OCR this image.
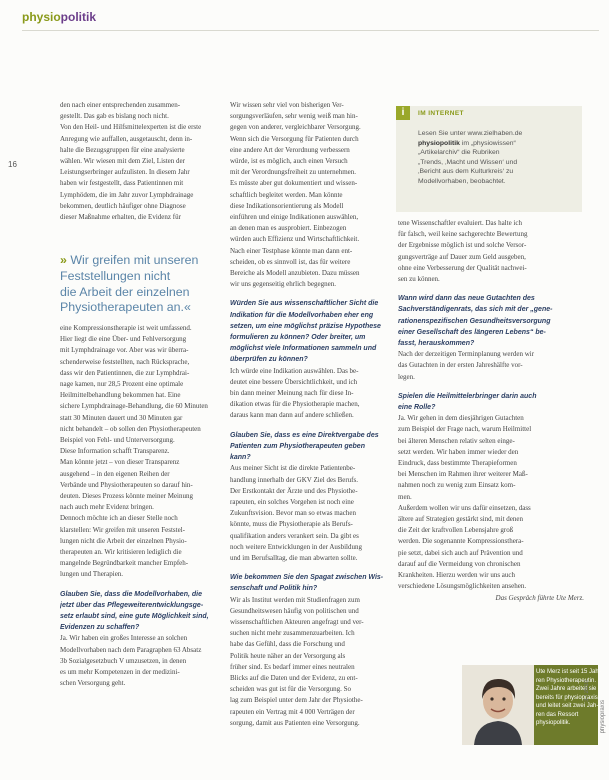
physiopolitik
16

den nach einer entsprechenden zusammen-

gestellt. Das gab es bislang noch nicht.

Von den Heil- und Hilfsmittelexperten ist die erste

Anregung wie auffallen, ausgetauscht, denn in-

halte die Bezugsgruppen für eine analysierte

wählen. Wir wiesen mit dem Ziel, Listen der

Leistungserbringer aufzulisten. In diesem Jahr

haben wir festgestellt, dass Patientinnen mit

Lymphödem, die im Jahr zuvor Lymphdrainage

bekommen, deutlich häufiger ohne Diagnose

dieser Maßnahme erhalten, die Evidenz für

» Wir greifen mit unseren
Feststellungen nicht
die Arbeit der einzelnen
Physiotherapeuten an.«

eine Kompressionstherapie ist weit umfassend.

Hier liegt die eine Über- und Fehlversorgung

mit Lymphdrainage vor. Aber was wir überra-

schenderweise feststellten, nach Rücksprache,

dass wir den Patientinnen, die zur Lymphdrai-

nage kamen, nur 28,5 Prozent eine optimale

Heilmittelbehandlung bekommen hat. Eine

sichere Lymphdrainage-Behandlung, die 60 Minuten

statt 30 Minuten dauert und 30 Minuten gar

nicht behandelt – ob sollen den Physiotherapeuten

Beispiel von Fehl- und Unterversorgung.

Diese Information schafft Transparenz.

Man könnte jetzt – von dieser Transparenz

ausgehend – in den eigenen Reihen der

Verbände und Physiotherapeuten so darauf hin-

deuten. Dieses Prozess könnte meiner Meinung

nach auch mehr Evidenz bringen.

Dennoch möchte ich an dieser Stelle noch

klarstellen: Wir greifen mit unseren Feststel-

lungen nicht die Arbeit der einzelnen Physio-

therapeuten an. Wir kritisieren lediglich die

mangelnde Begründbarkeit mancher Empfeh-

lungen und Therapien.

Glauben Sie, dass die Modellvorhaben, die

jetzt über das Pflegeweiterentwicklungsge-

setz erlaubt sind, eine gute Möglichkeit sind,

Evidenzen zu schaffen?

Ja. Wir haben ein großes Interesse an solchen

Modellvorhaben nach dem Paragraphen 63 Absatz

3b Sozialgesetzbuch V umzusetzen, in denen

es um mehr Kompetenzen in der medizini-

schen Versorgung geht.

Wir wissen sehr viel von bisherigen Ver-

sorgungsverläufen, sehr wenig weiß man hin-

gegen von anderer, vergleichbarer Versorgung.

Wenn sich die Versorgung für Patienten durch

eine andere Art der Verordnung verbessern

würde, ist es möglich, auch einen Versuch

mit der Verordnungsfreiheit zu unternehmen.

Es müsste aber gut dokumentiert und wissen-

schaftlich begleitet werden. Man könnte

diese Indikationsorientierung als Modell

einführen und einige Indikationen auswählen,

an denen man es ausprobiert. Einbezogen

würden auch Effizienz und Wirtschaftlichkeit.

Nach einer Testphase könnte man dann ent-

scheiden, ob es sinnvoll ist, das für weitere

Bereiche als Modell anzubieten. Dazu müssen

wir uns gegenseitig ehrlich begegnen.

Würden Sie aus wissenschaftlicher Sicht die

Indikation für die Modellvorhaben eher eng

setzen, um eine möglichst präzise Hypothese

formulieren zu können? Oder breiter, um

möglichst viele Informationen sammeln und

überprüfen zu können?

Ich würde eine Indikation auswählen. Das be-

deutet eine bessere Übersichtlichkeit, und ich

bin dann meiner Meinung nach für diese In-

dikation etwas für die Physiotherapie machen,

daraus kann man dann auf andere schließen.

Glauben Sie, dass es eine Direktvergabe des

Patienten zum Physiotherapeuten geben

kann?

Aus meiner Sicht ist die direkte Patientenbe-

handlung innerhalb der GKV Ziel des Berufs.

Der Erstkontakt der Ärzte und des Physiothe-

rapeuten, ein solches Vorgehen ist noch eine

Zukunftsvision. Bevor man so etwas machen

könnte, muss die Physiotherapie als Berufs-

qualifikation anders verankert sein. Da gibt es

noch weitere Entwicklungen in der Ausbildung

und im Berufsalltag, die man abwarten sollte.

Wie bekommen Sie den Spagat zwischen Wis-

senschaft und Politik hin?

Wir als Institut werden mit Studienfragen zum

Gesundheitswesen häufig von politischen und

wissenschaftlichen Akteuren angefragt und ver-

suchen nicht mehr zusammenzuarbeiten. Ich

habe das Gefühl, dass die Forschung und

Politik heute näher an der Versorgung als

früher sind. Es bedarf immer eines neutralen

Blicks auf die Daten und der Evidenz, zu ent-

scheiden was gut ist für die Versorgung. So

lag zum Beispiel unter dem Jahr der Physiothe-

rapeuten ein Vertrag mit 4 000 Verträgen der

sorgung, damit aus Patienten eine Versorgung.

i	IM INTERNET

Lesen Sie unter www.zielhaben.de

physiopolitik im „physiowissen“

„Artikelarchiv“ die Rubriken

„Trends, ‚Macht und Wissen‘ und

‚Bericht aus dem Kulturkreis‘ zu

Modellvorhaben, beobachtet.

tene Wissenschaftler evaluiert. Das halte ich

für falsch, weil keine sachgerechte Bewertung

der Ergebnisse möglich ist und solche Versor-

gungsverträge auf Dauer zum Geld ausgeben,

ohne eine Verbesserung der Qualität nachwei-

sen zu können.

Wann wird dann das neue Gutachten des

Sachverständigenrats, das sich mit der „gene-

rationenspezifischen Gesundheitsversorgung

einer Gesellschaft des längeren Lebens“ be-

fasst, herauskommen?

Nach der derzeitigen Terminplanung werden wir

das Gutachten in der ersten Jahreshälfte vor-

legen.

Spielen die Heilmittelerbringer darin auch

eine Rolle?

Ja. Wir gehen in dem diesjährigen Gutachten

zum Beispiel der Frage nach, warum Heilmittel

bei älteren Menschen relativ selten einge-

setzt werden. Wir haben immer wieder den

Eindruck, dass bestimmte Therapieformen

bei Menschen im Rahmen ihrer weiterer Maß-

nahmen noch zu wenig zum Einsatz kom-

men.

Außerdem wollen wir uns dafür einsetzen, dass

ältere auf Strategien gestärkt sind, mit denen

die Zeit der kraftvollen Lebensjahre groß

werden. Die sogenannte Kompressionsthera-

pie setzt, dabei sich auch auf Prävention und

darauf auf die Vermeidung von chronischen

Krankheiten. Hierzu werden wir uns auch

verschiedene Lösungsmöglichkeiten ansehen.

Das Gespräch führte Ute Merz.

Ute Merz ist seit 15 Jah-

ren Physiotherapeutin.

Zwei Jahre arbeitet sie

bereits für physiopraxis

und leitet seit zwei Jah-

ren das Ressort

physiopolitik.

3 / 2010
physiopraxis
